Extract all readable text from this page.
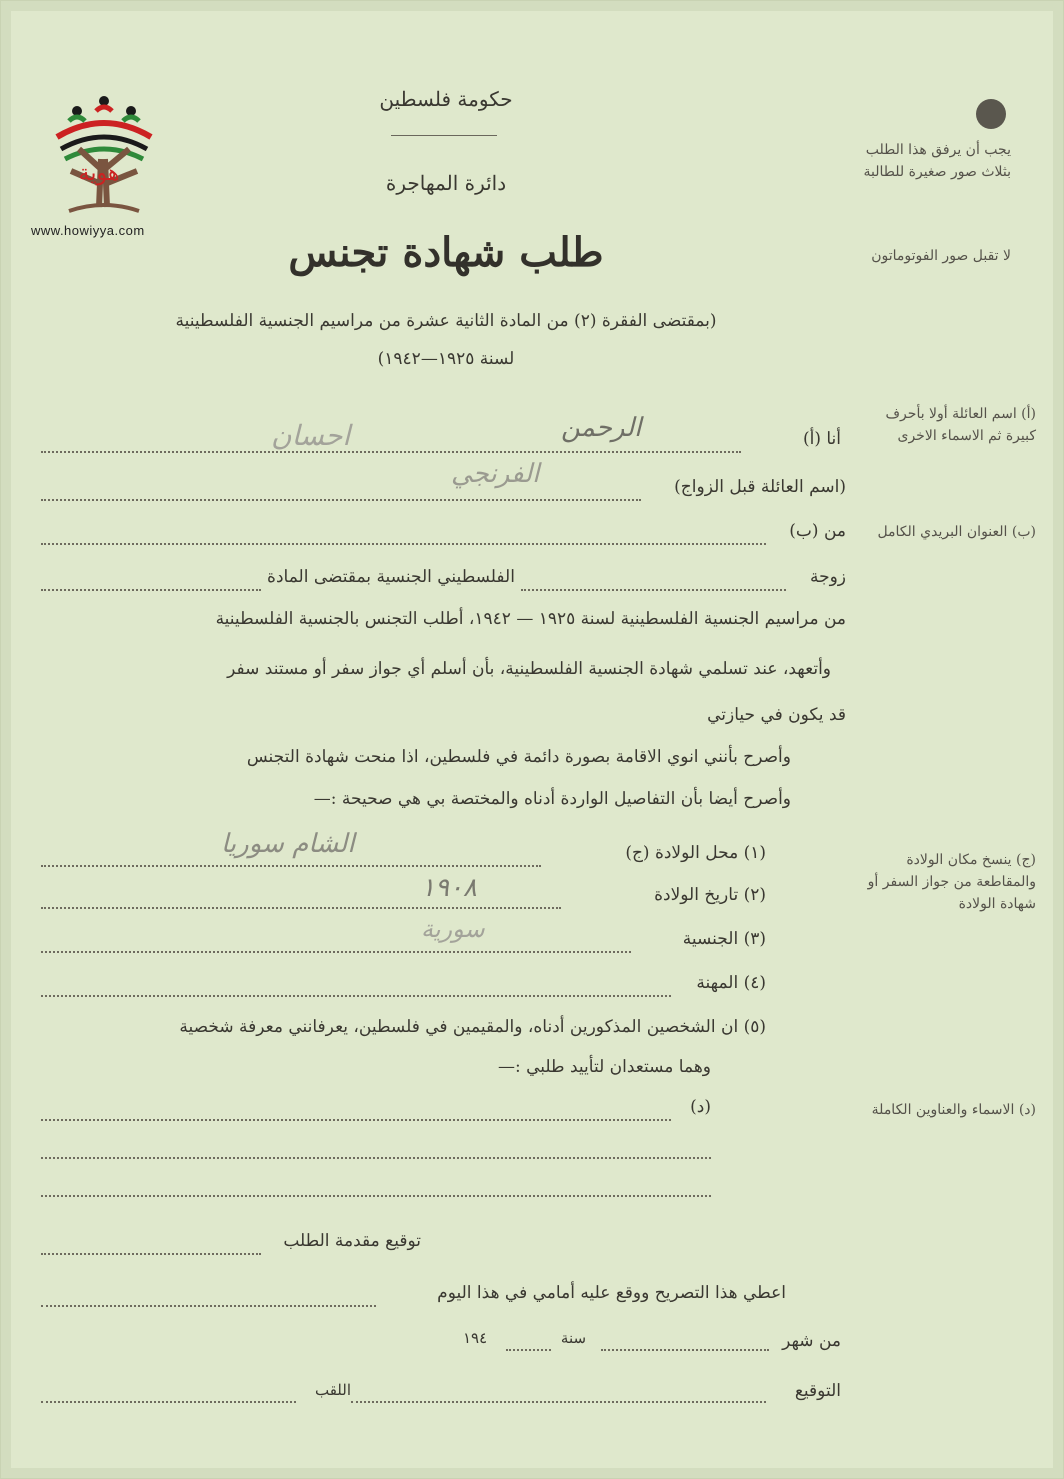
هوية
www.howiyya.com
حكومة فلسطين
دائرة المهاجرة
طلب شهادة تجنس
(بمقتضى الفقرة (٢) من المادة الثانية عشرة من مراسيم الجنسية الفلسطينية
لسنة ١٩٢٥—١٩٤٢)
يجب أن يرفق هذا الطلب بثلاث صور صغيرة للطالبة
لا تقبل صور الفوتوماتون
(أ) اسم العائلة أولا بأحرف كبيرة ثم الاسماء الاخرى
(ب) العنوان البريدي الكامل
(ج) ينسخ مكان الولادة والمقاطعة من جواز السفر أو شهادة الولادة
(د) الاسماء والعناوين الكاملة
أنا (أ)
الرحمن
احسان
(اسم العائلة قبل الزواج)
الفرنجي
من (ب)
زوجة
الفلسطيني الجنسية بمقتضى المادة
من مراسيم الجنسية الفلسطينية لسنة ١٩٢٥ — ١٩٤٢، أطلب التجنس بالجنسية الفلسطينية
وأتعهد، عند تسلمي شهادة الجنسية الفلسطينية، بأن أسلم أي جواز سفر أو مستند سفر
قد يكون في حيازتي
وأصرح بأنني انوي الاقامة بصورة دائمة في فلسطين، اذا منحت شهادة التجنس
وأصرح أيضا بأن التفاصيل الواردة أدناه والمختصة بي هي صحيحة :—
(١) محل الولادة (ج)
الشام سوريا
(٢) تاريخ الولادة
١٩٠٨
(٣) الجنسية
سورية
(٤) المهنة
(٥) ان الشخصين المذكورين أدناه، والمقيمين في فلسطين، يعرفانني معرفة شخصية
وهما مستعدان لتأييد طلبي :—
(د)
توقيع مقدمة الطلب
اعطي هذا التصريح ووقع عليه أمامي في هذا اليوم
من شهر
سنة
١٩٤
التوقيع
اللقب
